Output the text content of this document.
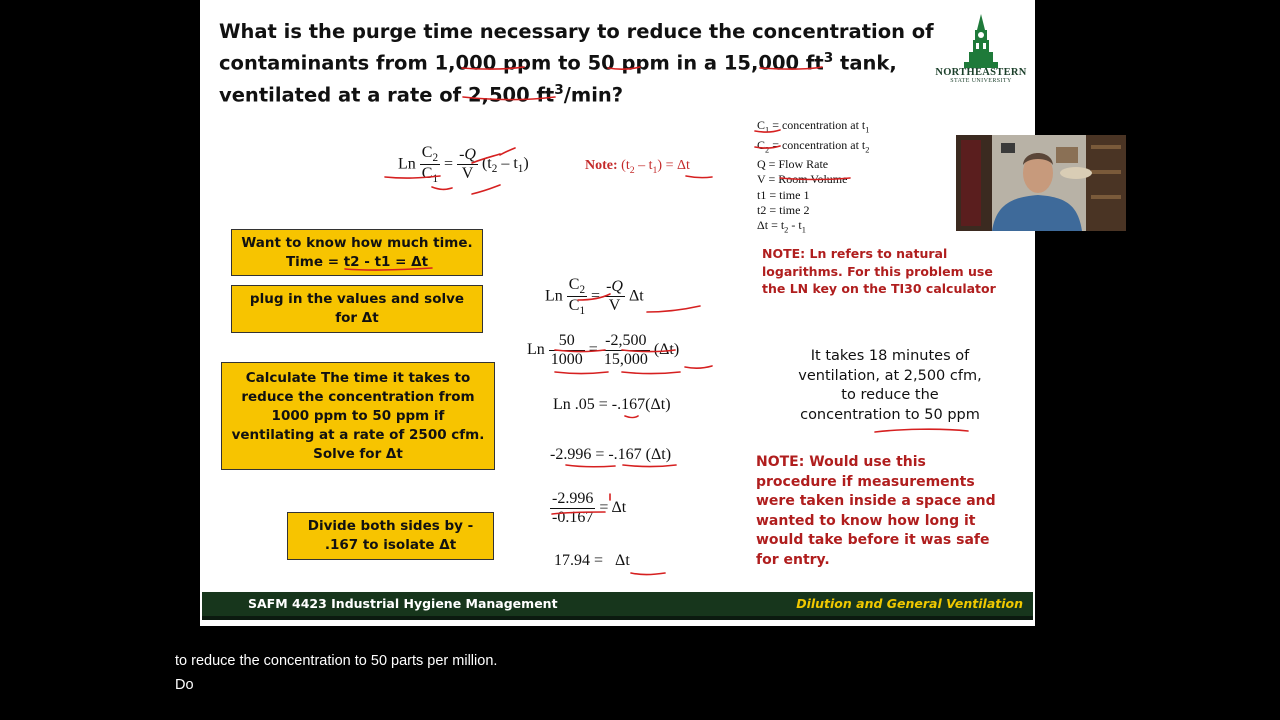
What is the purge time necessary to reduce the concentration of contaminants from 1,000 ppm to 50 ppm in a 15,000 $ft^3$ tank, ventilated at a rate of 2,500 $ft^3/\min$?
NORTHEASTERN
STATE UNIVERSITY
Ln $\frac{C_2}{C_1} = \frac{-Q}{V} (t_2 - t_1)$	Note: $(t_2 - t_1) = \Delta t$
$C_1$ = concentration at $t_1$
$C_2$ = concentration at $t_2$
Q = Flow Rate
V = Room Volume
t1 = time 1
t2 = time 2
$\Delta t = t_2 - t_1$
Want to know how much time.
Time = t2 - t1 = Δt
plug in the values and solve
for Δt
Calculate The time it takes to
reduce the concentration from
1000 ppm to 50 ppm if
ventilating at a rate of 2500 cfm.
Solve for Δt
Divide both sides by -
.167 to isolate Δt
NOTE: Ln refers to natural
logarithms. For this problem use
the LN key on the TI30 calculator
Ln $\frac{C_2}{C_1} = \frac{-Q}{V}$ Δt
Ln $\frac{50}{1000} = \frac{-2,500}{15,000} (\Delta t)$
Ln .05 = -.167(Δt)
-2.996 = -.167 (Δt)
$\frac{-2.996}{-0.167} = \Delta t$
17.94 = Δt
It takes 18 minutes of
ventilation, at 2,500 cfm,
to reduce the
concentration to 50 ppm
NOTE: Would use this
procedure if measurements
were taken inside a space and
wanted to know how long it
would take before it was safe
for entry.
SAFM 4423 Industrial Hygiene Management	Dilution and General Ventilation
to reduce the concentration to 50 parts per million.
Do
